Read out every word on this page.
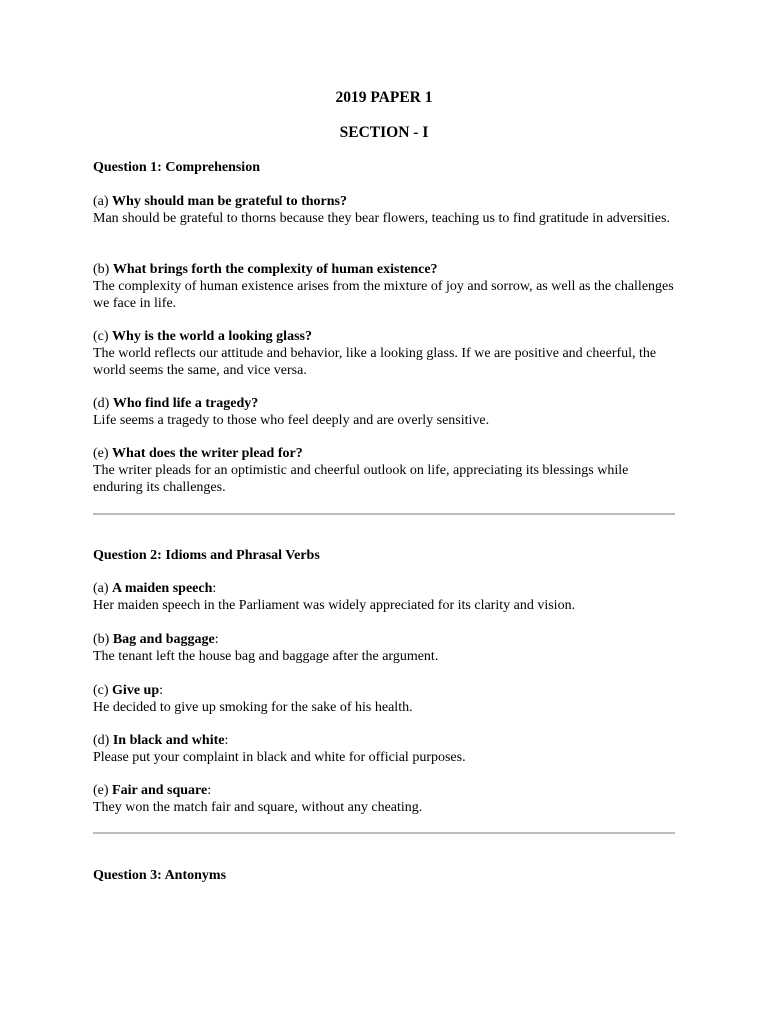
2019 PAPER 1
SECTION - I
Question 1: Comprehension
(a) Why should man be grateful to thorns?
Man should be grateful to thorns because they bear flowers, teaching us to find gratitude in adversities.
(b) What brings forth the complexity of human existence?
The complexity of human existence arises from the mixture of joy and sorrow, as well as the challenges we face in life.
(c) Why is the world a looking glass?
The world reflects our attitude and behavior, like a looking glass. If we are positive and cheerful, the world seems the same, and vice versa.
(d) Who find life a tragedy?
Life seems a tragedy to those who feel deeply and are overly sensitive.
(e) What does the writer plead for?
The writer pleads for an optimistic and cheerful outlook on life, appreciating its blessings while enduring its challenges.
Question 2: Idioms and Phrasal Verbs
(a) A maiden speech:
Her maiden speech in the Parliament was widely appreciated for its clarity and vision.
(b) Bag and baggage:
The tenant left the house bag and baggage after the argument.
(c) Give up:
He decided to give up smoking for the sake of his health.
(d) In black and white:
Please put your complaint in black and white for official purposes.
(e) Fair and square:
They won the match fair and square, without any cheating.
Question 3: Antonyms
